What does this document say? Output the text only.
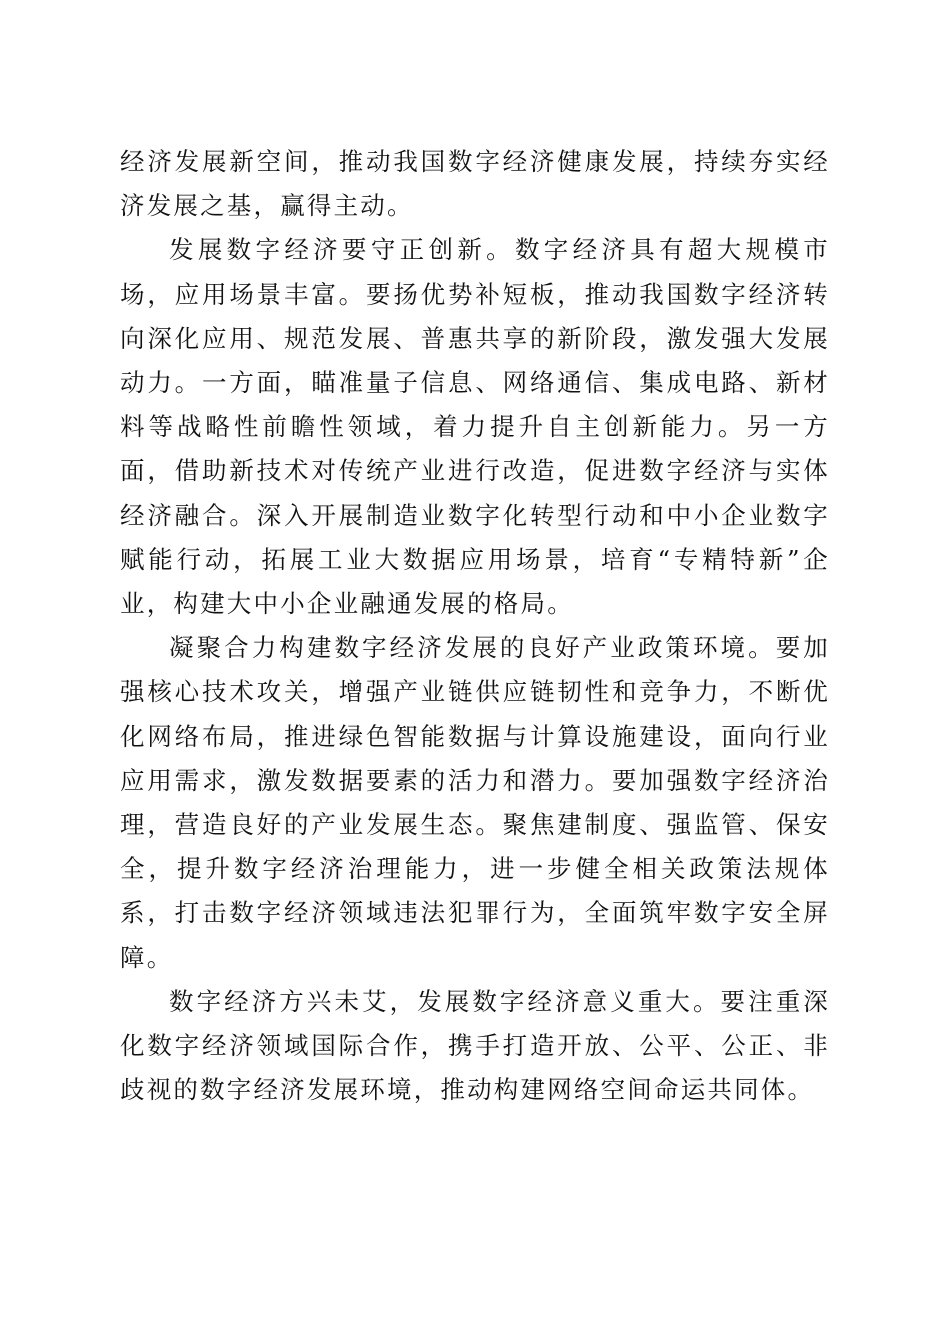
经济发展新空间，推动我国数字经济健康发展，持续夯实经济发展之基，赢得主动。

发展数字经济要守正创新。数字经济具有超大规模市场，应用场景丰富。要扬优势补短板，推动我国数字经济转向深化应用、规范发展、普惠共享的新阶段，激发强大发展动力。一方面，瞄准量子信息、网络通信、集成电路、新材料等战略性前瞻性领域，着力提升自主创新能力。另一方面，借助新技术对传统产业进行改造，促进数字经济与实体经济融合。深入开展制造业数字化转型行动和中小企业数字赋能行动，拓展工业大数据应用场景，培育“专精特新”企业，构建大中小企业融通发展的格局。

凝聚合力构建数字经济发展的良好产业政策环境。要加强核心技术攻关，增强产业链供应链韧性和竞争力，不断优化网络布局，推进绿色智能数据与计算设施建设，面向行业应用需求，激发数据要素的活力和潜力。要加强数字经济治理，营造良好的产业发展生态。聚焦建制度、强监管、保安全，提升数字经济治理能力，进一步健全相关政策法规体系，打击数字经济领域违法犯罪行为，全面筑牢数字安全屏障。

数字经济方兴未艾，发展数字经济意义重大。要注重深化数字经济领域国际合作，携手打造开放、公平、公正、非歧视的数字经济发展环境，推动构建网络空间命运共同体。
